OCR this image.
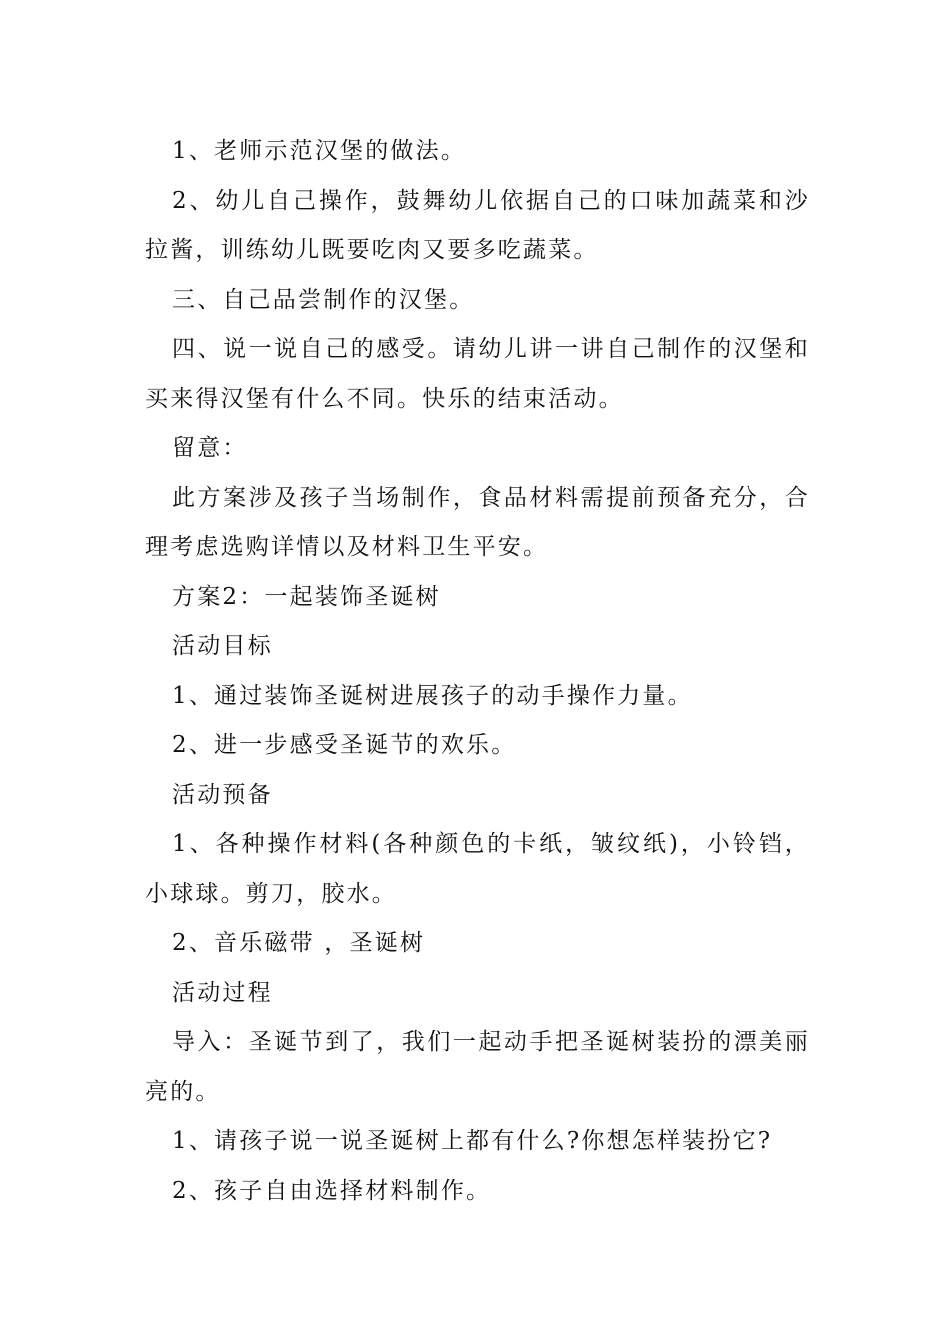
1、老师示范汉堡的做法。

2、幼儿自己操作，鼓舞幼儿依据自己的口味加蔬菜和沙拉酱，训练幼儿既要吃肉又要多吃蔬菜。

三、自己品尝制作的汉堡。

四、说一说自己的感受。请幼儿讲一讲自己制作的汉堡和买来得汉堡有什么不同。快乐的结束活动。

留意：

此方案涉及孩子当场制作，食品材料需提前预备充分，合理考虑选购详情以及材料卫生平安。

方案2：一起装饰圣诞树

活动目标

1、通过装饰圣诞树进展孩子的动手操作力量。

2、进一步感受圣诞节的欢乐。

活动预备

1、各种操作材料(各种颜色的卡纸，皱纹纸)，小铃铛，小球球。剪刀，胶水。

2、音乐磁带 ，圣诞树

活动过程

导入：圣诞节到了，我们一起动手把圣诞树装扮的漂美丽亮的。

1、请孩子说一说圣诞树上都有什么?你想怎样装扮它?

2、孩子自由选择材料制作。
